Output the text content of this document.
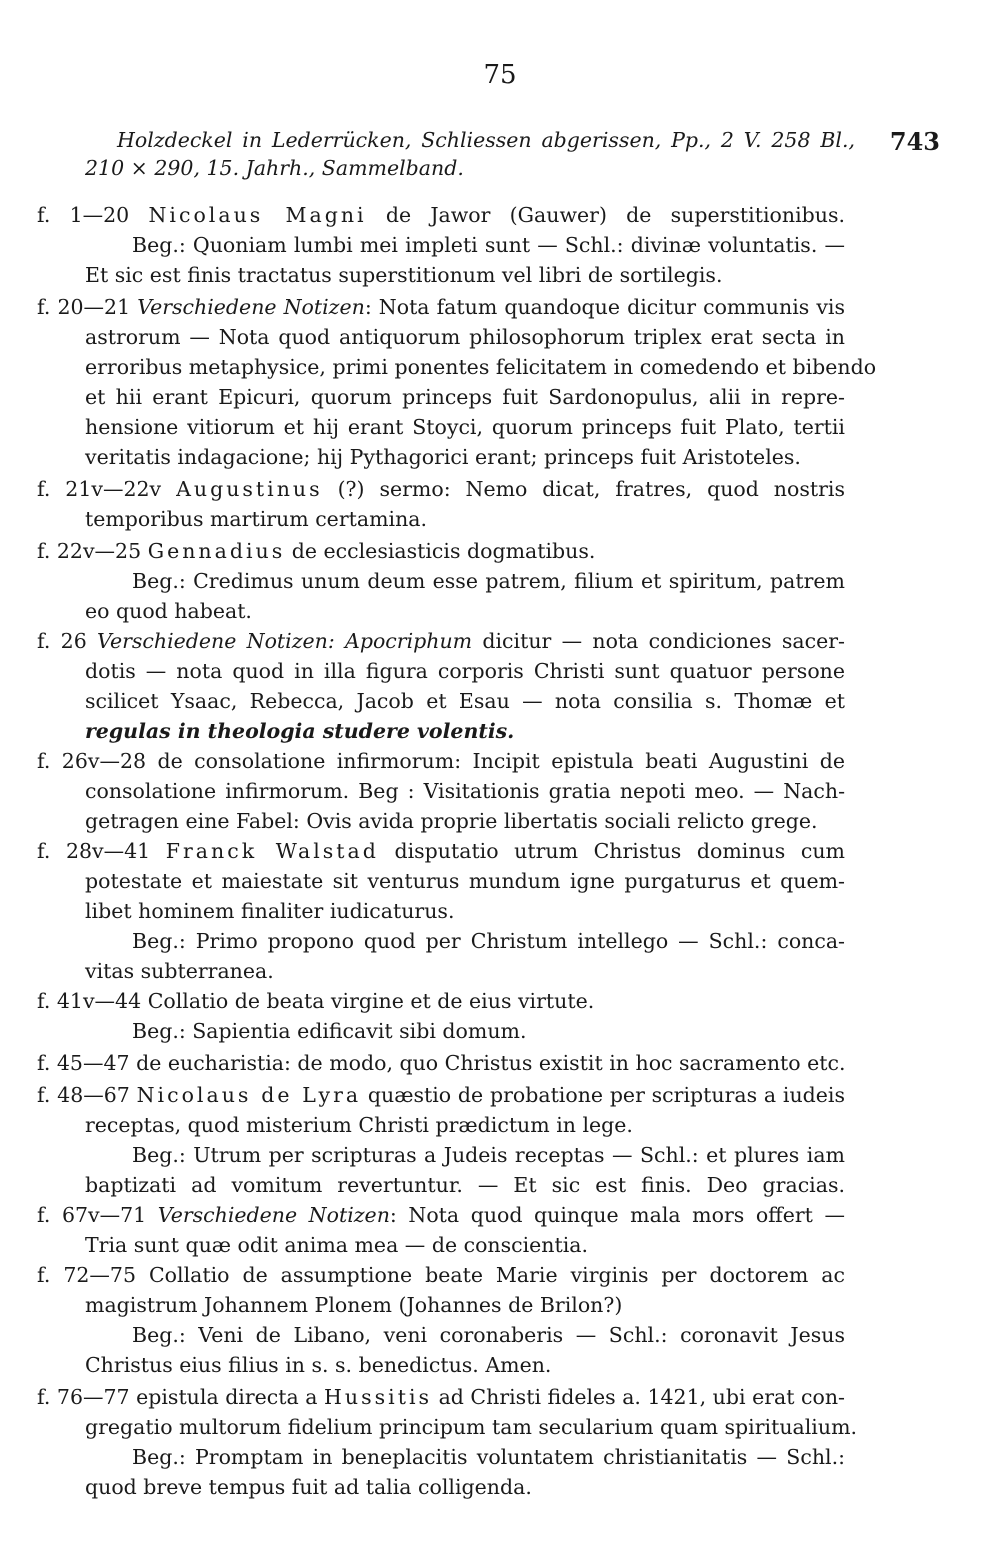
75
743
Holzdeckel in Lederrücken, Schliessen abgerissen, Pp., 2 V. 258 Bl.,
210 × 290, 15. Jahrh., Sammelband.
f. 1—20 Nicolaus Magni de Jawor (Gauwer) de superstitionibus.
Beg.: Quoniam lumbi mei impleti sunt — Schl.: divinæ voluntatis. —
Et sic est finis tractatus superstitionum vel libri de sortilegis.
f. 20—21 Verschiedene Notizen: Nota fatum quandoque dicitur communis vis
astrorum — Nota quod antiquorum philosophorum triplex erat secta in
erroribus metaphysice, primi ponentes felicitatem in comedendo et bibendo
et hii erant Epicuri, quorum princeps fuit Sardonopulus, alii in repre-
hensione vitiorum et hij erant Stoyci, quorum princeps fuit Plato, tertii
veritatis indagacione; hij Pythagorici erant; princeps fuit Aristoteles.
f. 21v—22v Augustinus (?) sermo: Nemo dicat, fratres, quod nostris
temporibus martirum certamina.
f. 22v—25 Gennadius de ecclesiasticis dogmatibus.
Beg.: Credimus unum deum esse patrem, filium et spiritum, patrem
eo quod habeat.
f. 26 Verschiedene Notizen: Apocriphum dicitur — nota condiciones sacer-
dotis — nota quod in illa figura corporis Christi sunt quatuor persone
scilicet Ysaac, Rebecca, Jacob et Esau — nota consilia s. Thomæ et
regulas in theologia studere volentis.
f. 26v—28 de consolatione infirmorum: Incipit epistula beati Augustini de
consolatione infirmorum. Beg : Visitationis gratia nepoti meo. — Nach-
getragen eine Fabel: Ovis avida proprie libertatis sociali relicto grege.
f. 28v—41 Franck Walstad disputatio utrum Christus dominus cum
potestate et maiestate sit venturus mundum igne purgaturus et quem-
libet hominem finaliter iudicaturus.
Beg.: Primo propono quod per Christum intellego — Schl.: conca-
vitas subterranea.
f. 41v—44 Collatio de beata virgine et de eius virtute.
Beg.: Sapientia edificavit sibi domum.
f. 45—47 de eucharistia: de modo, quo Christus existit in hoc sacramento etc.
f. 48—67 Nicolaus de Lyra quæstio de probatione per scripturas a iudeis
receptas, quod misterium Christi prædictum in lege.
Beg.: Utrum per scripturas a Judeis receptas — Schl.: et plures iam
baptizati ad vomitum revertuntur. — Et sic est finis. Deo gracias.
f. 67v—71 Verschiedene Notizen: Nota quod quinque mala mors offert —
Tria sunt quæ odit anima mea — de conscientia.
f. 72—75 Collatio de assumptione beate Marie virginis per doctorem ac
magistrum Johannem Plonem (Johannes de Brilon?)
Beg.: Veni de Libano, veni coronaberis — Schl.: coronavit Jesus
Christus eius filius in s. s. benedictus. Amen.
f. 76—77 epistula directa a Hussitis ad Christi fideles a. 1421, ubi erat con-
gregatio multorum fidelium principum tam secularium quam spiritualium.
Beg.: Promptam in beneplacitis voluntatem christianitatis — Schl.:
quod breve tempus fuit ad talia colligenda.
